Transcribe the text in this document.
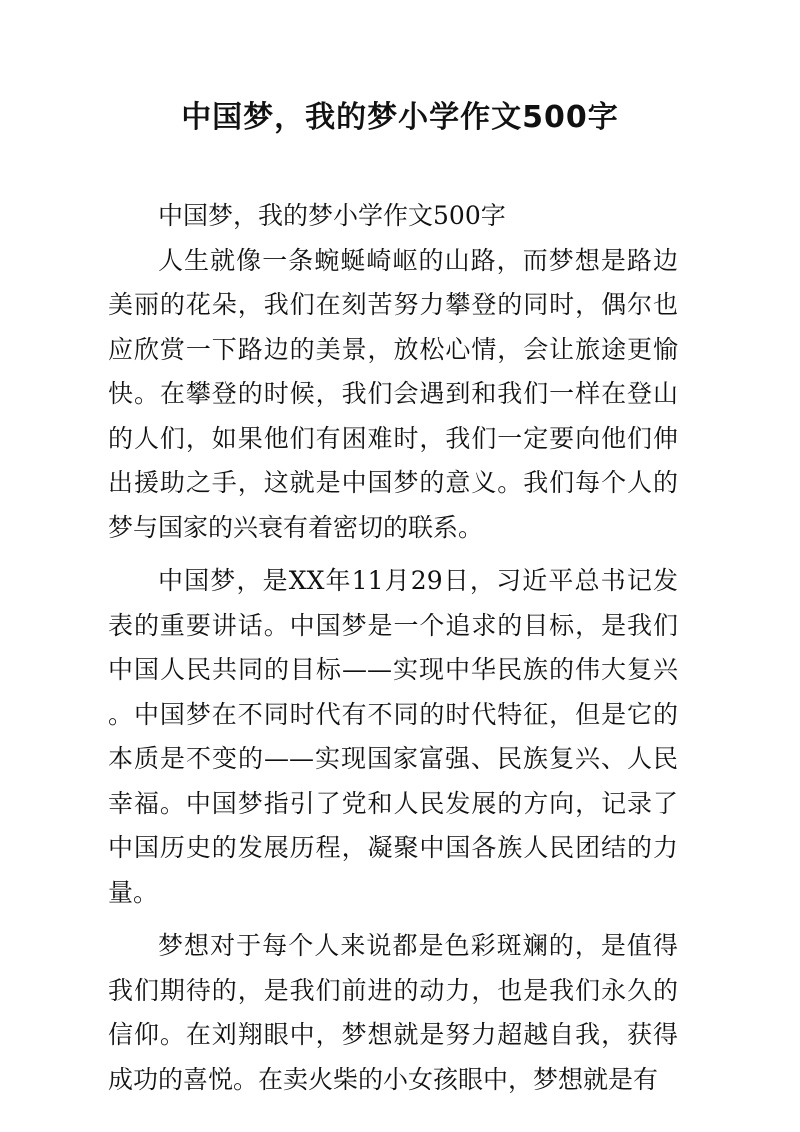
中国梦，我的梦小学作文500字

中国梦，我的梦小学作文500字

人生就像一条蜿蜒崎岖的山路，而梦想是路边美丽的花朵，我们在刻苦努力攀登的同时，偶尔也应欣赏一下路边的美景，放松心情，会让旅途更愉快。在攀登的时候，我们会遇到和我们一样在登山的人们，如果他们有困难时，我们一定要向他们伸出援助之手，这就是中国梦的意义。我们每个人的梦与国家的兴衰有着密切的联系。

中国梦，是XX年11月29日，习近平总书记发表的重要讲话。中国梦是一个追求的目标，是我们中国人民共同的目标——实现中华民族的伟大复兴。中国梦在不同时代有不同的时代特征，但是它的本质是不变的——实现国家富强、民族复兴、人民幸福。中国梦指引了党和人民发展的方向，记录了中国历史的发展历程，凝聚中国各族人民团结的力量。

梦想对于每个人来说都是色彩斑斓的，是值得我们期待的，是我们前进的动力，也是我们永久的信仰。在刘翔眼中，梦想就是努力超越自我，获得成功的喜悦。在卖火柴的小女孩眼中，梦想就是有
